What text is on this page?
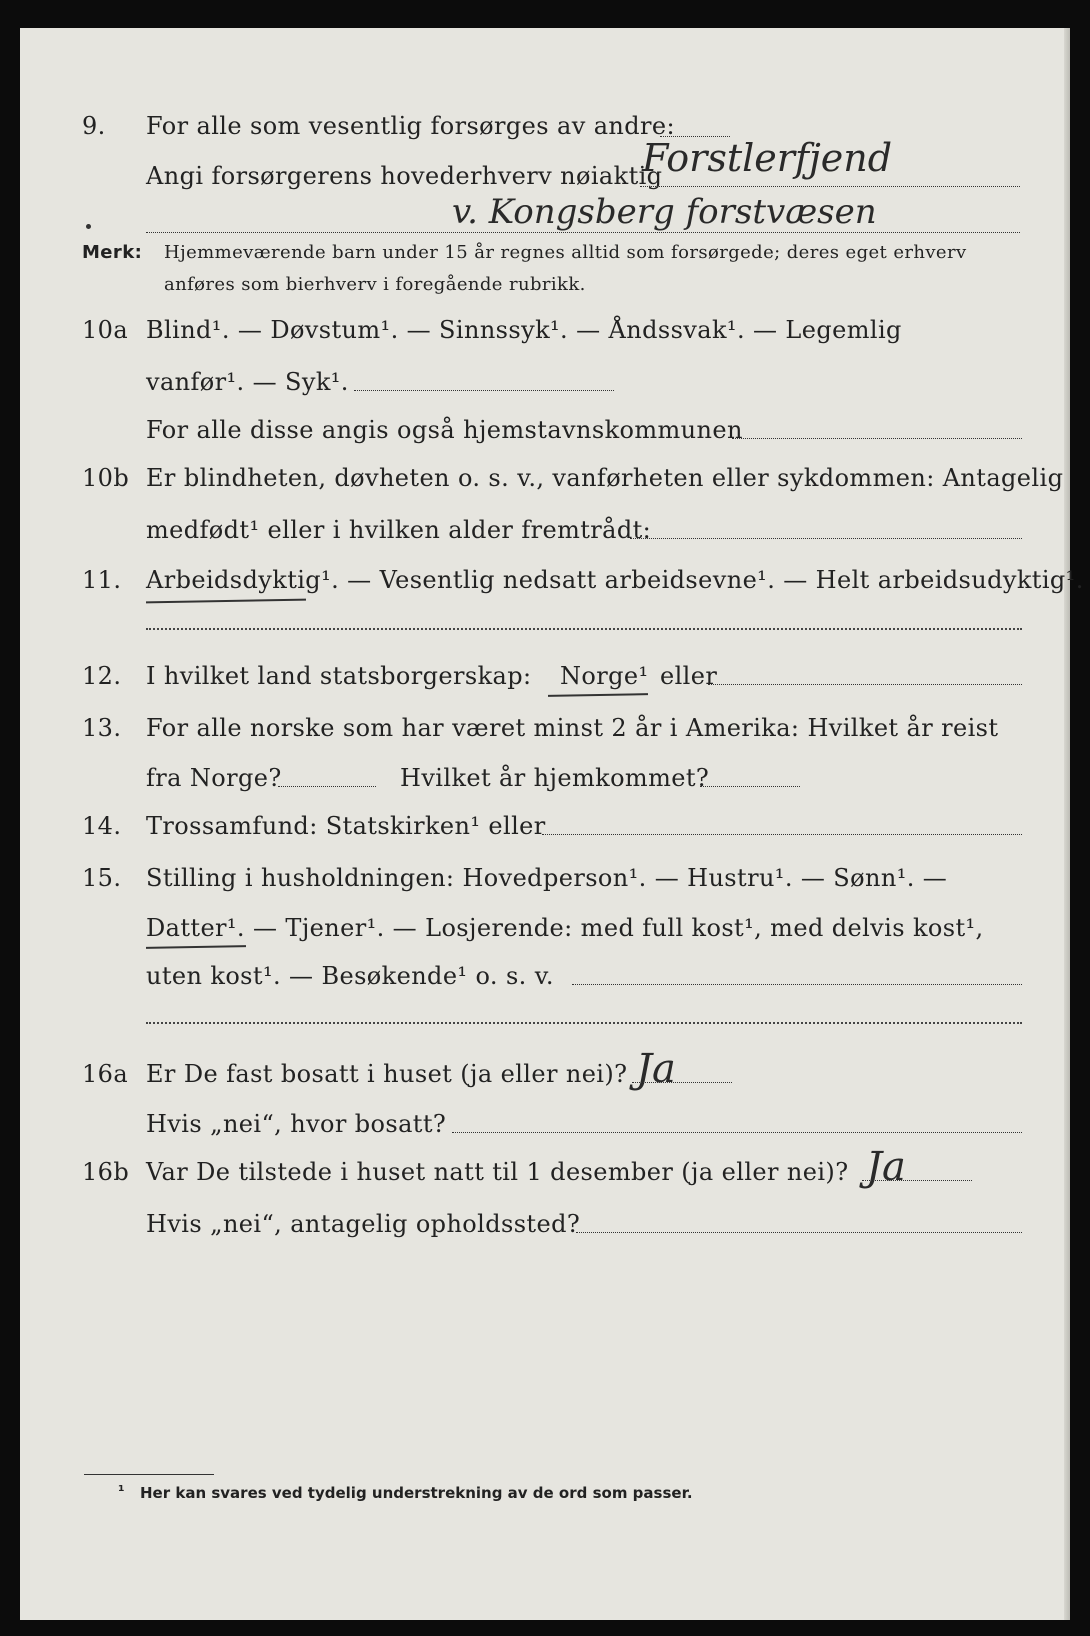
9. For alle som vesentlig forsørges av andre:
Angi forsørgerens hovederhverv nøiaktig
Forstlerfjend
v. Kongsberg forstvæsen
Merk: Hjemmeværende barn under 15 år regnes alltid som forsørgede; deres eget erhverv
anføres som bierhverv i foregående rubrikk.
10a Blind¹. — Døvstum¹. — Sinnssyk¹. — Åndssvak¹. — Legemlig
vanfør¹. — Syk¹.
For alle disse angis også hjemstavnskommunen
10b Er blindheten, døvheten o. s. v., vanførheten eller sykdommen: Antagelig
medfødt¹ eller i hvilken alder fremtrådt:
11. Arbeidsdyktig¹. — Vesentlig nedsatt arbeidsevne¹. — Helt arbeidsudyktig¹.
12. I hvilket land statsborgerskap: Norge¹ eller
13. For alle norske som har været minst 2 år i Amerika: Hvilket år reist
fra Norge?	Hvilket år hjemkommet?
14. Trossamfund: Statskirken¹ eller
15. Stilling i husholdningen: Hovedperson¹. — Hustru¹. — Sønn¹. —
Datter¹. — Tjener¹. — Losjerende: med full kost¹, med delvis kost¹,
uten kost¹. — Besøkende¹ o. s. v.
16a Er De fast bosatt i huset (ja eller nei)? Ja
Hvis „nei“, hvor bosatt?
16b Var De tilstede i huset natt til 1 desember (ja eller nei)? Ja
Hvis „nei“, antagelig opholdssted?
¹ Her kan svares ved tydelig understrekning av de ord som passer.
